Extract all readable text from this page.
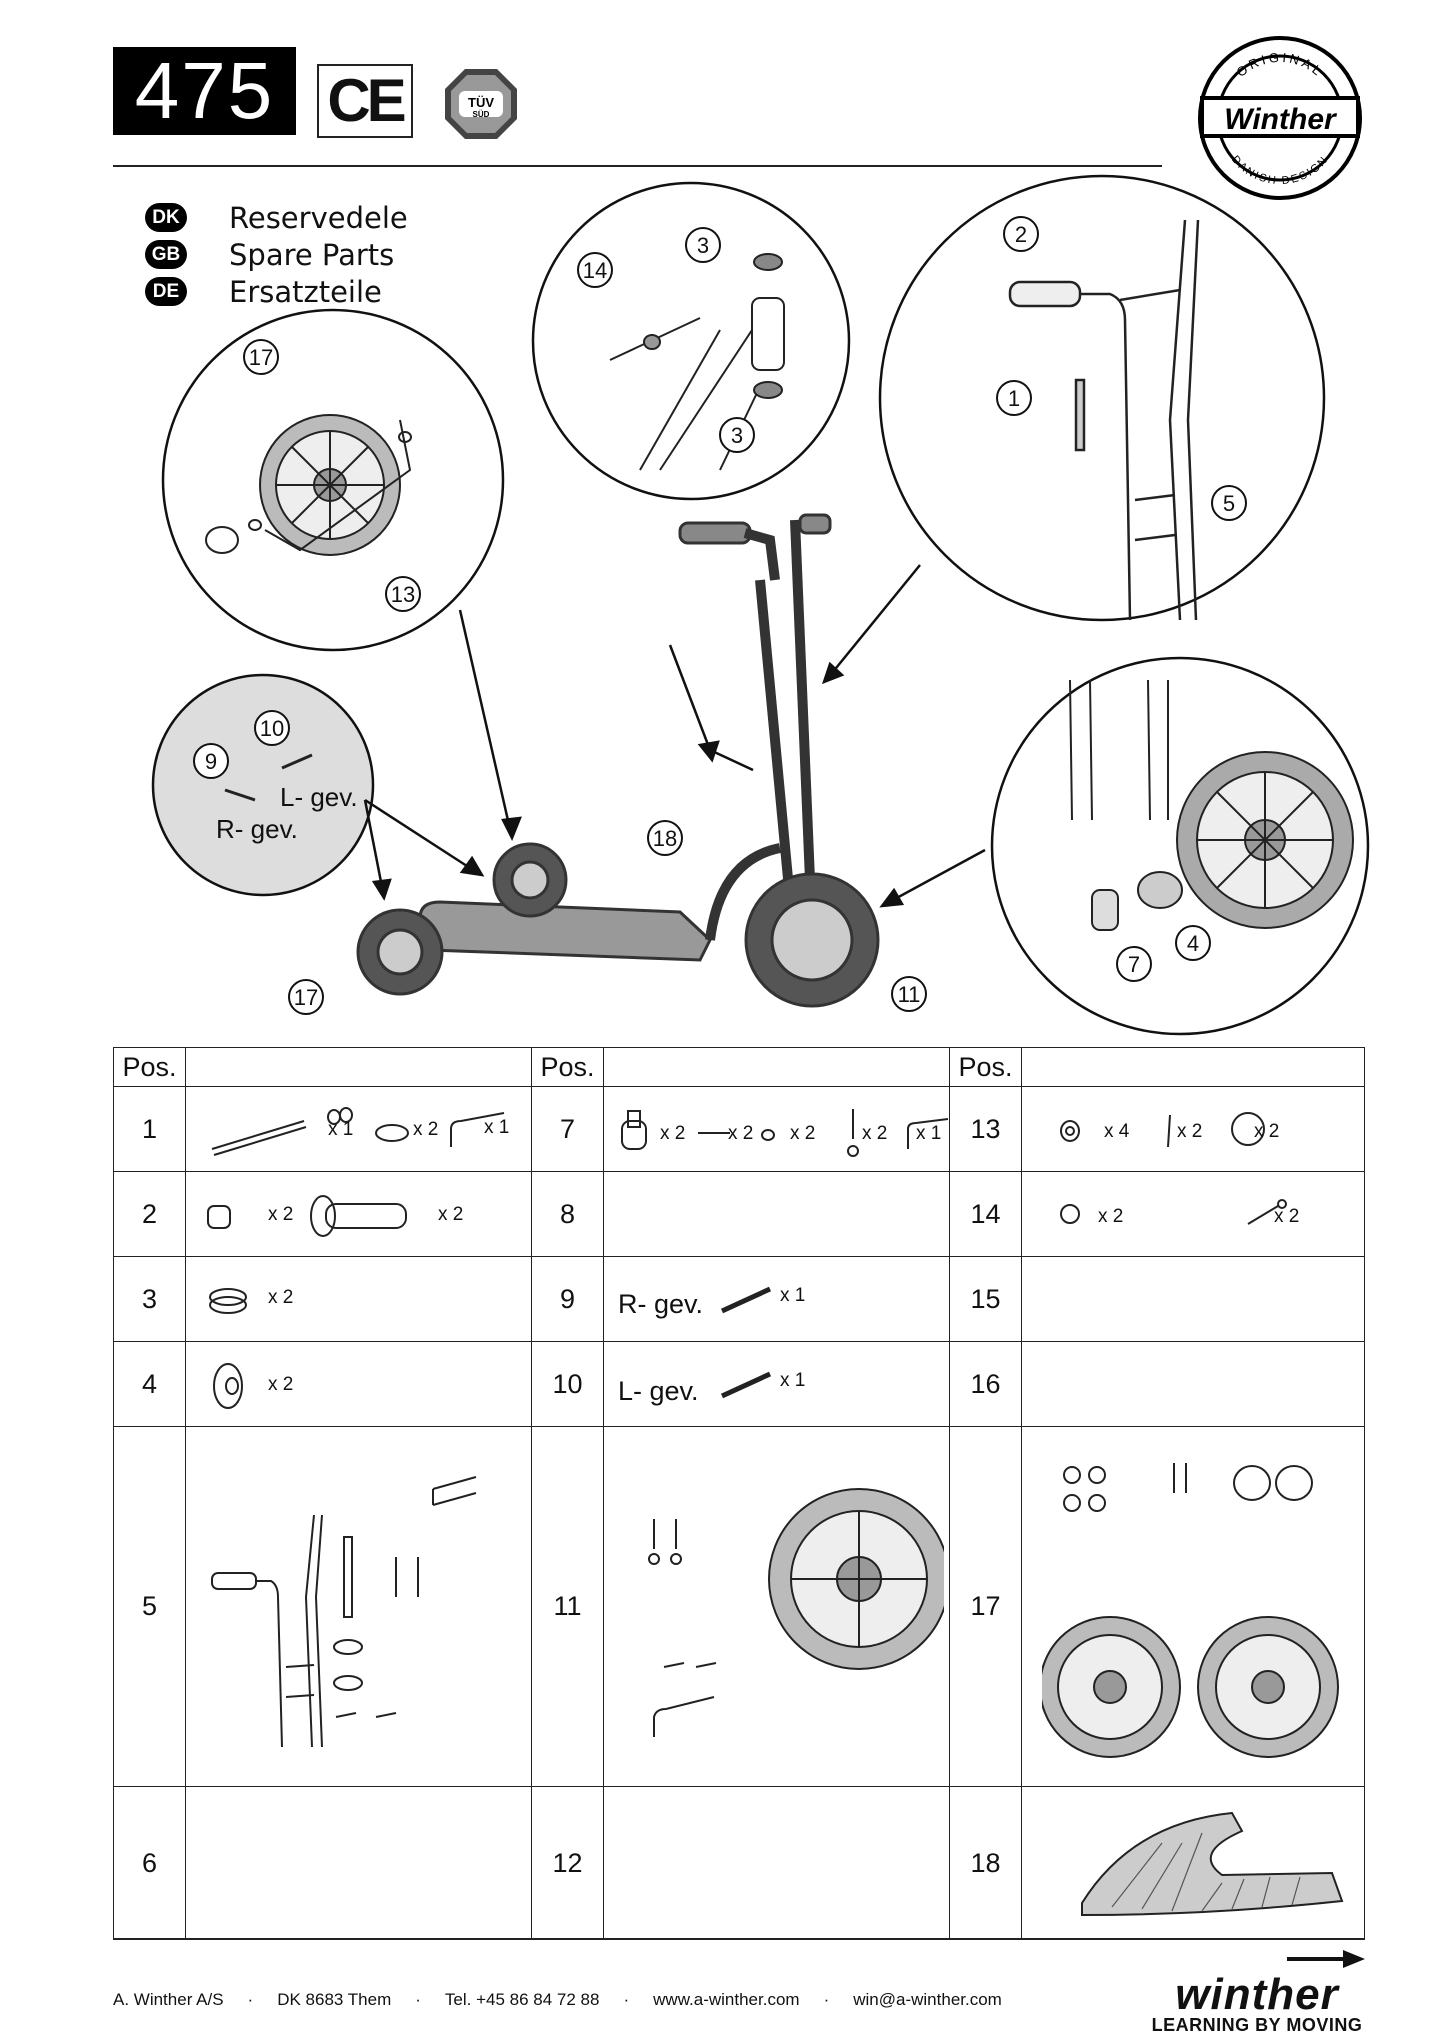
475 CE	TÜV
SÜD
ORIGINAL
Winther
DANISH DESIGN
DK Reservedele
GB Spare Parts
DE Ersatzteile
17
14
3
3
2
1
5
13
10
9
18
17	11
7
4
L- gev.
R- gev.
Pos.		Pos.		Pos.	
1	x 1 x 2 x 1	7	x 2 x 2 x 2 x 2 x 1	13	x 4 x 2 x 2

2	x 2 x 2	8		14	x 2 x 2

3	x 2	9	R- gev. x 1	15	
4	x 2	10	L- gev. x 1	16	
5		11		17	

6		12		18	
A. Winther A/S · DK 8683 Them · Tel. +45 86 84 72 88 · www.a-winther.com · win@a-winther.com	winther
LEARNING BY MOVING
